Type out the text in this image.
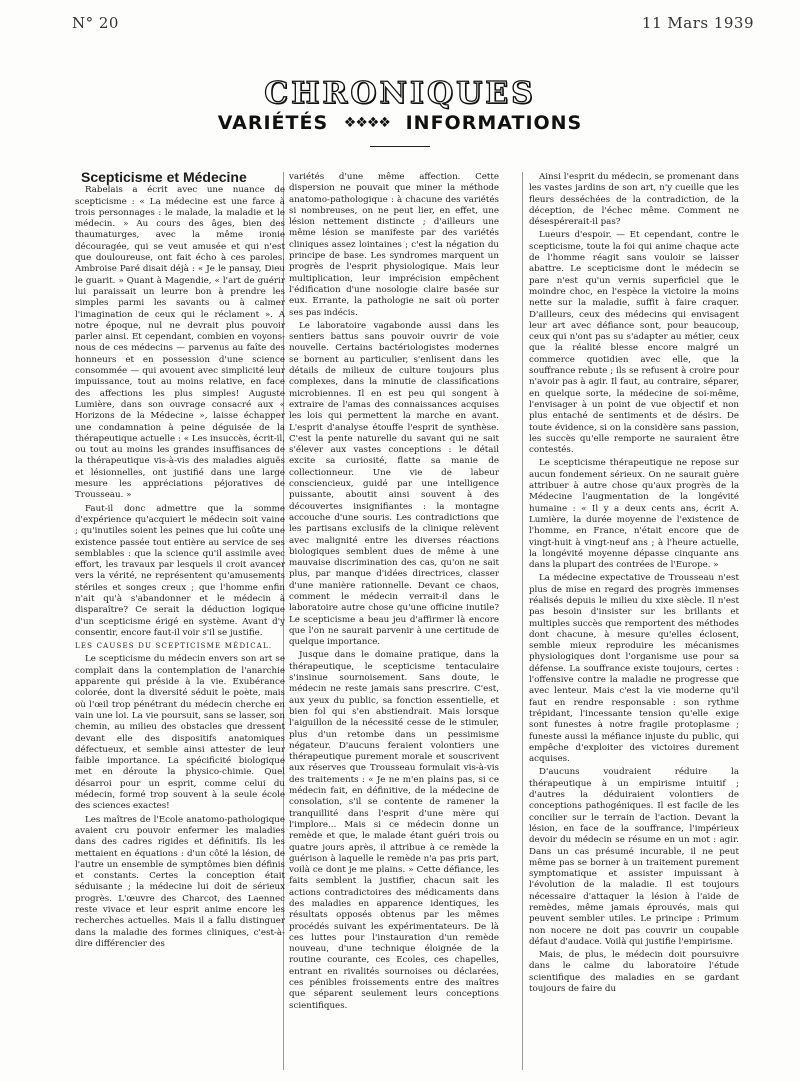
N° 20	11 Mars 1939
CHRONIQUES
VARIÉTÉS ❖❖❖❖ INFORMATIONS

Scepticisme et Médecine

Rabelais a écrit avec une nuance de scepticisme : « La médecine est une farce à trois personnages : le malade, la maladie et le médecin. » Au cours des âges, bien des thaumaturges, avec la même ironie découragée, qui se veut amusée et qui n'est que douloureuse, ont fait écho à ces paroles. Ambroise Paré disait déjà : « Je le pansay, Dieu le guarit. » Quant à Magendie, « l'art de guérir lui paraissait un leurre bon à prendre les simples parmi les savants ou à calmer l'imagination de ceux qui le réclament ». A notre époque, nul ne devrait plus pouvoir parler ainsi. Et cependant, combien en voyons-nous de ces médecins — parvenus au faîte des honneurs et en possession d'une science consommée — qui avouent avec simplicité leur impuissance, tout au moins relative, en face des affections les plus simples! Auguste Lumière, dans son ouvrage consacré aux « Horizons de la Médecine », laisse échapper une condamnation à peine déguisée de la thérapeutique actuelle : « Les insuccès, écrit-il, ou tout au moins les grandes insuffisances de la thérapeutique vis-à-vis des maladies aiguës et lésionnelles, ont justifié dans une large mesure les appréciations péjoratives de Trousseau. »

Faut-il donc admettre que la somme d'expérience qu'acquiert le médecin soit vaine ; qu'inutiles soient les peines que lui coûte une existence passée tout entière au service de ses semblables : que la science qu'il assimile avec effort, les travaux par lesquels il croit avancer vers la vérité, ne représentent qu'amusements stériles et songes creux ; que l'homme enfin n'ait qu'à s'abandonner et le médecin à disparaître? Ce serait la déduction logique d'un scepticisme érigé en système. Avant d'y consentir, encore faut-il voir s'il se justifie.

LES CAUSES DU SCEPTICISME MÉDICAL.

Le scepticisme du médecin envers son art se complait dans la contemplation de l'anarchie apparente qui préside à la vie. Exubérance colorée, dont la diversité séduit le poète, mais où l'œil trop pénétrant du médecin cherche en vain une loi. La vie poursuit, sans se lasser, son chemin, au milieu des obstacles que dressent devant elle des dispositifs anatomiques défectueux, et semble ainsi attester de leur faible importance. La spécificité biologique met en déroute la physico-chimie. Quel désarroi pour un esprit, comme celui du médecin, formé trop souvent à la seule école des sciences exactes!

Les maîtres de l'Ecole anatomo-pathologique avaient cru pouvoir enfermer les maladies dans des cadres rigides et définitifs. Ils les mettaient en équations : d'un côté la lésion, de l'autre un ensemble de symptômes bien définis et constants. Certes la conception était séduisante ; la médecine lui doit de sérieux progrès. L'œuvre des Charcot, des Laennec reste vivace et leur esprit anime encore les recherches actuelles. Mais il a fallu distinguer dans la maladie des formes cliniques, c'est-à-dire différencier des

variétés d'une même affection. Cette dispersion ne pouvait que miner la méthode anatomo-pathologique : à chacune des variétés si nombreuses, on ne peut lier, en effet, une lésion nettement distincte ; d'ailleurs une même lésion se manifeste par des variétés cliniques assez lointaines ; c'est la négation du principe de base. Les syndromes marquent un progrès de l'esprit physiologique. Mais leur multiplication, leur imprécision empêchent l'édification d'une nosologie claire basée sur eux. Errante, la pathologie ne sait où porter ses pas indécis.

Le laboratoire vagabonde aussi dans les sentiers battus sans pouvoir ouvrir de voie nouvelle. Certains bactériologistes modernes se bornent au particulier, s'enlisent dans les détails de milieux de culture toujours plus complexes, dans la minutie de classifications microbiennes. Il en est peu qui songent à extraire de l'amas des connaissances acquises les lois qui permettent la marche en avant. L'esprit d'analyse étouffe l'esprit de synthèse. C'est la pente naturelle du savant qui ne sait s'élever aux vastes conceptions : le détail excite sa curiosité, flatte sa manie de collectionneur. Une vie de labeur consciencieux, guidé par une intelligence puissante, aboutit ainsi souvent à des découvertes insignifiantes : la montagne accouche d'une souris. Les contradictions que les partisans exclusifs de la clinique relèvent avec malignité entre les diverses réactions biologiques semblent dues de même à une mauvaise discrimination des cas, qu'on ne sait plus, par manque d'idées directrices, classer d'une manière rationnelle. Devant ce chaos, comment le médecin verrait-il dans le laboratoire autre chose qu'une officine inutile? Le scepticisme a beau jeu d'affirmer là encore que l'on ne saurait parvenir à une certitude de quelque importance.

Jusque dans le domaine pratique, dans la thérapeutique, le scepticisme tentaculaire s'insinue sournoisement. Sans doute, le médecin ne reste jamais sans prescrire. C'est, aux yeux du public, sa fonction essentielle, et bien fol qui s'en abstiendrait. Mais lorsque l'aiguillon de la nécessité cesse de le stimuler, plus d'un retombe dans un pessimisme négateur. D'aucuns feraient volontiers une thérapeutique purement morale et souscrivent aux réserves que Trousseau formulait vis-à-vis des traitements : « Je ne m'en plains pas, si ce médecin fait, en définitive, de la médecine de consolation, s'il se contente de ramener la tranquillité dans l'esprit d'une mère qui l'implore... Mais si ce médecin donne un remède et que, le malade étant guéri trois ou quatre jours après, il attribue à ce remède la guérison à laquelle le remède n'a pas pris part, voilà ce dont je me plains. » Cette défiance, les faits semblent la justifier, chacun sait les actions contradictoires des médicaments dans des maladies en apparence identiques, les résultats opposés obtenus par les mêmes procédés suivant les expérimentateurs. De là ces luttes pour l'instauration d'un remède nouveau, d'une technique éloignée de la routine courante, ces Ecoles, ces chapelles, entrant en rivalités sournoises ou déclarées, ces pénibles froissements entre des maîtres que séparent seulement leurs conceptions scientifiques.

Ainsi l'esprit du médecin, se promenant dans les vastes jardins de son art, n'y cueille que les fleurs desséchées de la contradiction, de la déception, de l'échec même. Comment ne désespérerait-il pas?

Lueurs d'espoir. — Et cependant, contre le scepticisme, toute la foi qui anime chaque acte de l'homme réagit sans vouloir se laisser abattre. Le scepticisme dont le médecin se pare n'est qu'un vernis superficiel que le moindre choc, en l'espèce la victoire la moins nette sur la maladie, suffit à faire craquer. D'ailleurs, ceux des médecins qui envisagent leur art avec défiance sont, pour beaucoup, ceux qui n'ont pas su s'adapter au métier, ceux que la réalité blesse encore malgré un commerce quotidien avec elle, que la souffrance rebute ; ils se refusent à croire pour n'avoir pas à agir. Il faut, au contraire, séparer, en quelque sorte, la médecine de soi-même, l'envisager à un point de vue objectif et non plus entaché de sentiments et de désirs. De toute évidence, si on la considère sans passion, les succès qu'elle remporte ne sauraient être contestés.

Le scepticisme thérapeutique ne repose sur aucun fondement sérieux. On ne saurait guère attribuer à autre chose qu'aux progrès de la Médecine l'augmentation de la longévité humaine : « Il y a deux cents ans, écrit A. Lumière, la durée moyenne de l'existence de l'homme, en France, n'était encore que de vingt-huit à vingt-neuf ans ; à l'heure actuelle, la longévité moyenne dépasse cinquante ans dans la plupart des contrées de l'Europe. »

La médecine expectative de Trousseau n'est plus de mise en regard des progrès immenses réalisés depuis le milieu du xixe siècle. Il n'est pas besoin d'insister sur les brillants et multiples succès que remportent des méthodes dont chacune, à mesure qu'elles éclosent, semble mieux reproduire les mécanismes physiologiques dont l'organisme use pour sa défense. La souffrance existe toujours, certes : l'offensive contre la maladie ne progresse que avec lenteur. Mais c'est la vie moderne qu'il faut en rendre responsable : son rythme trépidant, l'incessante tension qu'elle exige sont funestes à notre fragile protoplasme ; funeste aussi la méfiance injuste du public, qui empêche d'exploiter des victoires durement acquises.

D'aucuns voudraient réduire la thérapeutique à un empirisme intuitif ; d'autres la déduiraient volontiers de conceptions pathogéniques. Il est facile de les concilier sur le terrain de l'action. Devant la lésion, en face de la souffrance, l'impérieux devoir du médecin se résume en un mot : agir. Dans un cas présumé incurable, il ne peut même pas se borner à un traitement purement symptomatique et assister impuissant à l'évolution de la maladie. Il est toujours nécessaire d'attaquer la lésion à l'aide de remèdes, même jamais éprouvés, mais qui peuvent sembler utiles. Le principe : Primum non nocere ne doit pas couvrir un coupable défaut d'audace. Voilà qui justifie l'empirisme.

Mais, de plus, le médecin doit poursuivre dans le calme du laboratoire l'étude scientifique des maladies en se gardant toujours de faire du
